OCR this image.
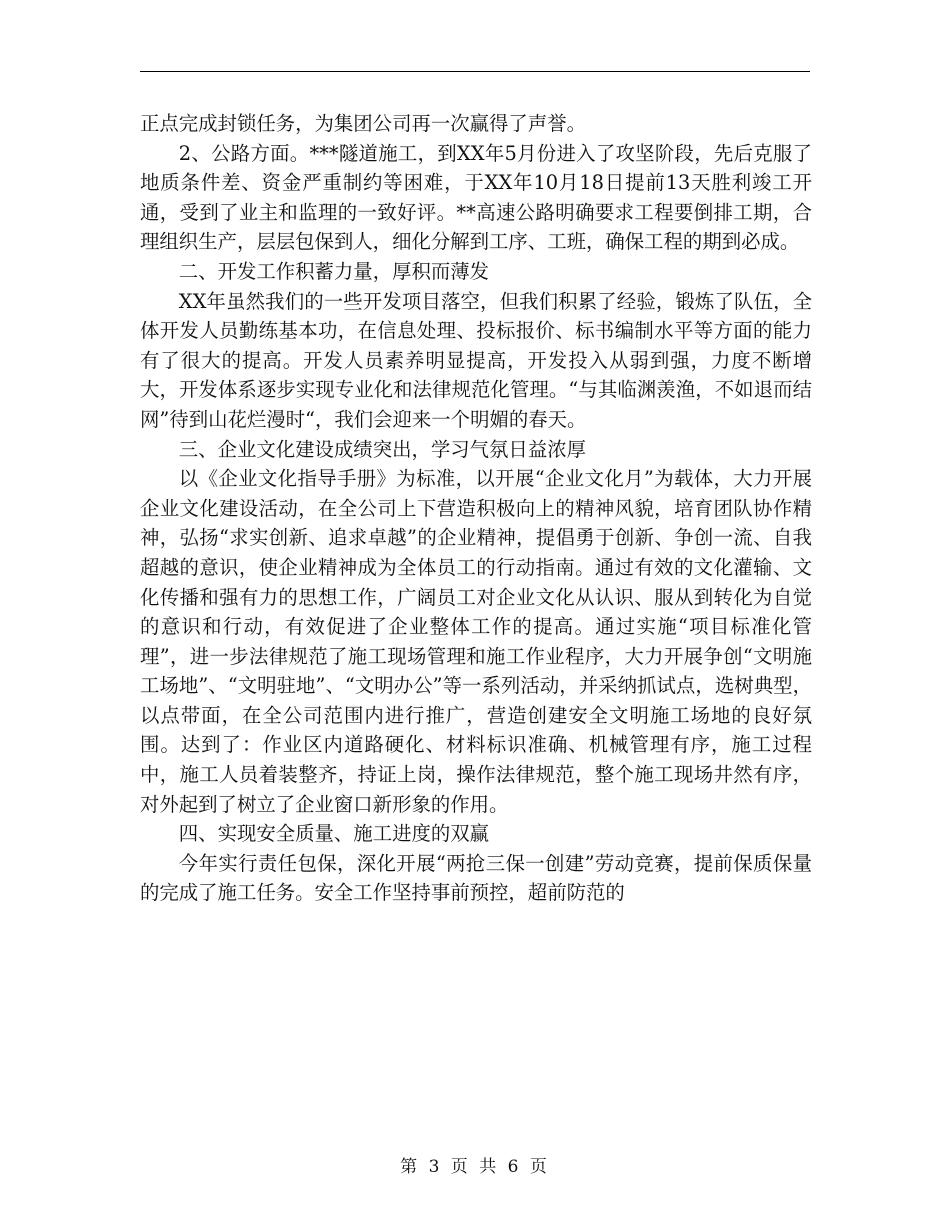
正点完成封锁任务，为集团公司再一次赢得了声誉。

2、公路方面。***隧道施工，到XX年5月份进入了攻坚阶段，先后克服了地质条件差、资金严重制约等困难，于XX年10月18日提前13天胜利竣工开通，受到了业主和监理的一致好评。**高速公路明确要求工程要倒排工期，合理组织生产，层层包保到人，细化分解到工序、工班，确保工程的期到必成。

二、开发工作积蓄力量，厚积而薄发

XX年虽然我们的一些开发项目落空，但我们积累了经验，锻炼了队伍，全体开发人员勤练基本功，在信息处理、投标报价、标书编制水平等方面的能力有了很大的提高。开发人员素养明显提高，开发投入从弱到强，力度不断增大，开发体系逐步实现专业化和法律规范化管理。“与其临渊羡渔，不如退而结网”待到山花烂漫时“，我们会迎来一个明媚的春天。

三、企业文化建设成绩突出，学习气氛日益浓厚

以《企业文化指导手册》为标准，以开展“企业文化月”为载体，大力开展企业文化建设活动，在全公司上下营造积极向上的精神风貌，培育团队协作精神，弘扬“求实创新、追求卓越”的企业精神，提倡勇于创新、争创一流、自我超越的意识，使企业精神成为全体员工的行动指南。通过有效的文化灌输、文化传播和强有力的思想工作，广阔员工对企业文化从认识、服从到转化为自觉的意识和行动，有效促进了企业整体工作的提高。通过实施“项目标准化管理”，进一步法律规范了施工现场管理和施工作业程序，大力开展争创“文明施工场地”、“文明驻地”、“文明办公”等一系列活动，并采纳抓试点，选树典型，以点带面，在全公司范围内进行推广，营造创建安全文明施工场地的良好氛围。达到了：作业区内道路硬化、材料标识准确、机械管理有序，施工过程中，施工人员着装整齐，持证上岗，操作法律规范，整个施工现场井然有序，对外起到了树立了企业窗口新形象的作用。

四、实现安全质量、施工进度的双赢

今年实行责任包保，深化开展“两抢三保一创建”劳动竞赛，提前保质保量的完成了施工任务。安全工作坚持事前预控，超前防范的

第 3 页 共 6 页
